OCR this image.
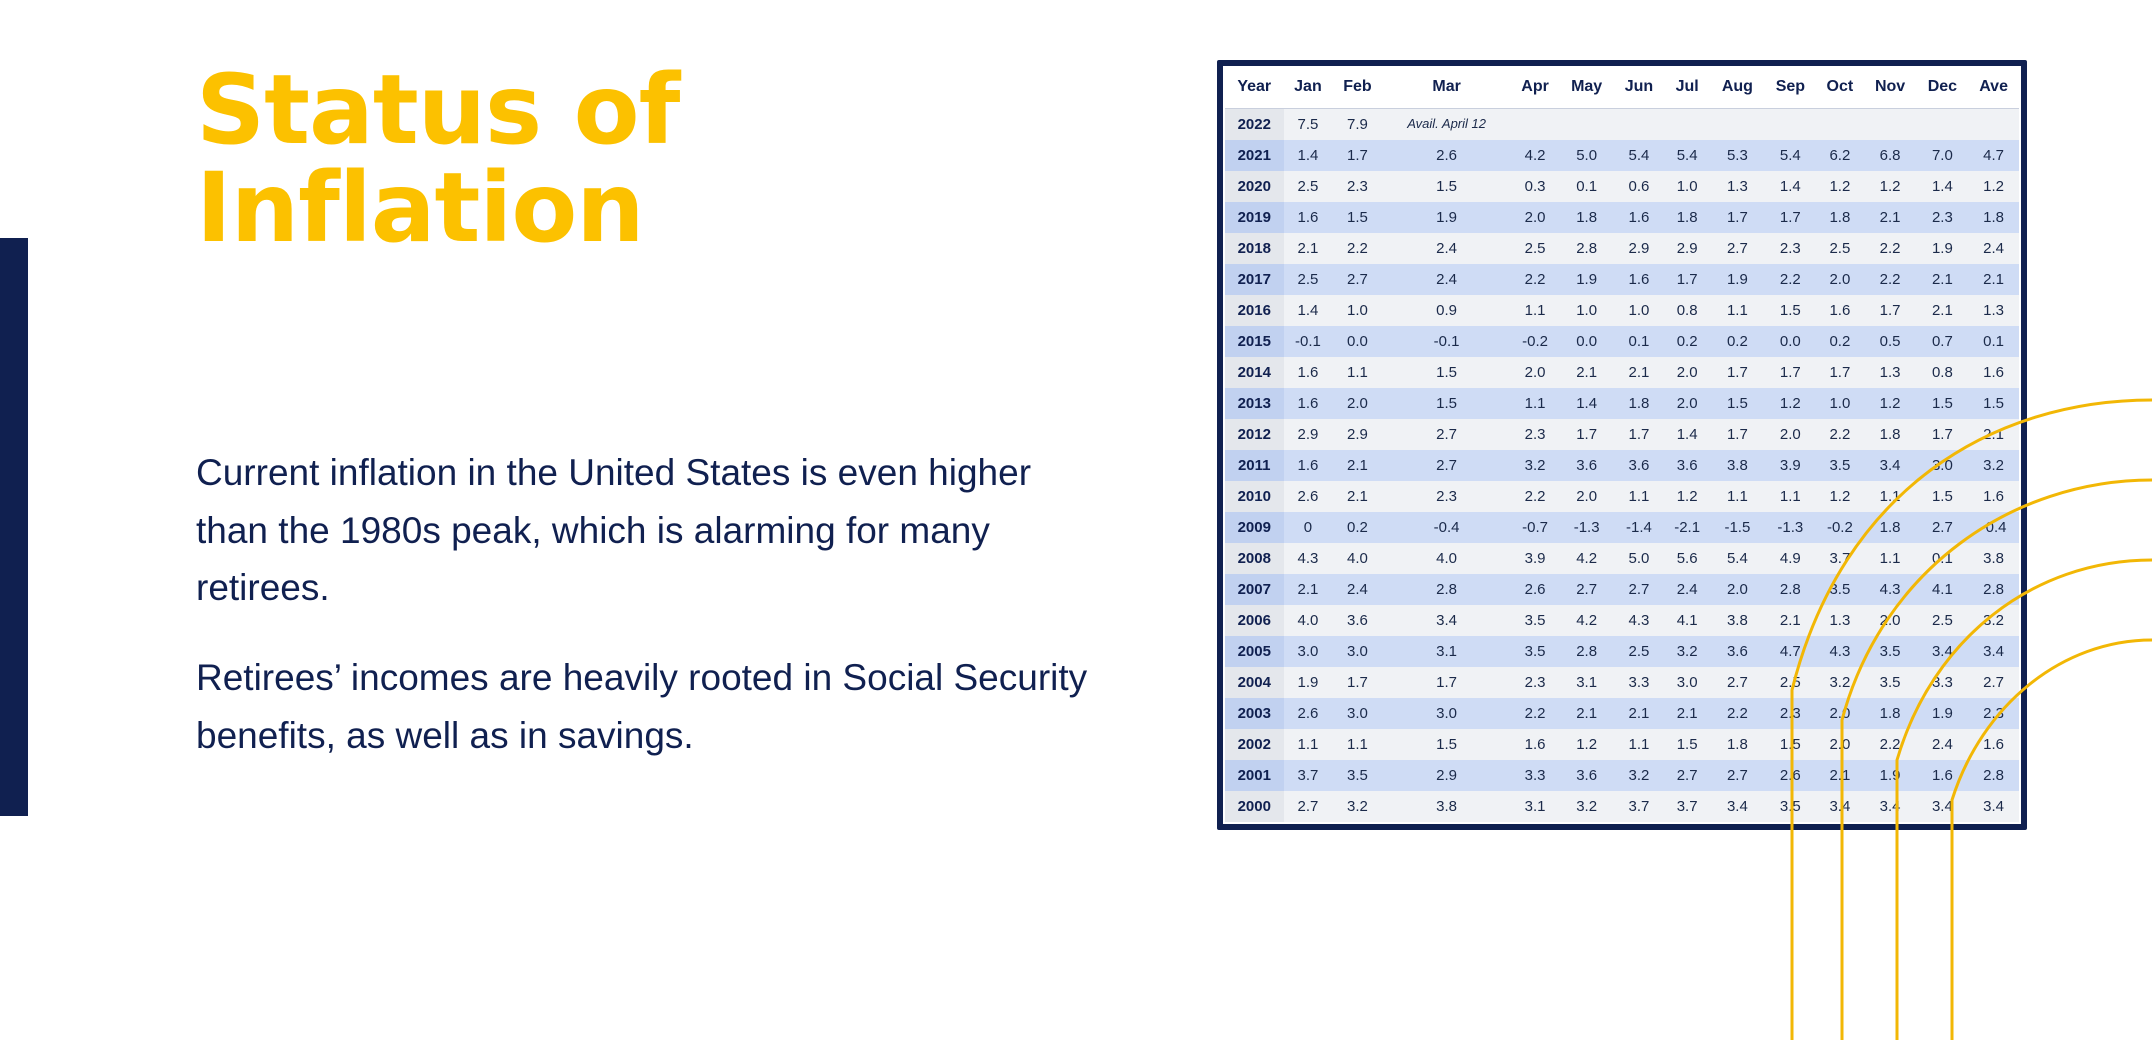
Status of Inflation

Current inflation in the United States is even higher than the 1980s peak, which is alarming for many retirees.

Retirees’ incomes are heavily rooted in Social Security benefits, as well as in savings.

Year	Jan	Feb	Mar	Apr	May	Jun	Jul	Aug	Sep	Oct	Nov	Dec	Ave
2022	7.5	7.9	Avail. April 12										
2021	1.4	1.7	2.6	4.2	5.0	5.4	5.4	5.3	5.4	6.2	6.8	7.0	4.7
2020	2.5	2.3	1.5	0.3	0.1	0.6	1.0	1.3	1.4	1.2	1.2	1.4	1.2
2019	1.6	1.5	1.9	2.0	1.8	1.6	1.8	1.7	1.7	1.8	2.1	2.3	1.8
2018	2.1	2.2	2.4	2.5	2.8	2.9	2.9	2.7	2.3	2.5	2.2	1.9	2.4
2017	2.5	2.7	2.4	2.2	1.9	1.6	1.7	1.9	2.2	2.0	2.2	2.1	2.1
2016	1.4	1.0	0.9	1.1	1.0	1.0	0.8	1.1	1.5	1.6	1.7	2.1	1.3
2015	-0.1	0.0	-0.1	-0.2	0.0	0.1	0.2	0.2	0.0	0.2	0.5	0.7	0.1
2014	1.6	1.1	1.5	2.0	2.1	2.1	2.0	1.7	1.7	1.7	1.3	0.8	1.6
2013	1.6	2.0	1.5	1.1	1.4	1.8	2.0	1.5	1.2	1.0	1.2	1.5	1.5
2012	2.9	2.9	2.7	2.3	1.7	1.7	1.4	1.7	2.0	2.2	1.8	1.7	2.1
2011	1.6	2.1	2.7	3.2	3.6	3.6	3.6	3.8	3.9	3.5	3.4	3.0	3.2
2010	2.6	2.1	2.3	2.2	2.0	1.1	1.2	1.1	1.1	1.2	1.1	1.5	1.6
2009	0	0.2	-0.4	-0.7	-1.3	-1.4	-2.1	-1.5	-1.3	-0.2	1.8	2.7	-0.4
2008	4.3	4.0	4.0	3.9	4.2	5.0	5.6	5.4	4.9	3.7	1.1	0.1	3.8
2007	2.1	2.4	2.8	2.6	2.7	2.7	2.4	2.0	2.8	3.5	4.3	4.1	2.8
2006	4.0	3.6	3.4	3.5	4.2	4.3	4.1	3.8	2.1	1.3	2.0	2.5	3.2
2005	3.0	3.0	3.1	3.5	2.8	2.5	3.2	3.6	4.7	4.3	3.5	3.4	3.4
2004	1.9	1.7	1.7	2.3	3.1	3.3	3.0	2.7	2.5	3.2	3.5	3.3	2.7
2003	2.6	3.0	3.0	2.2	2.1	2.1	2.1	2.2	2.3	2.0	1.8	1.9	2.3
2002	1.1	1.1	1.5	1.6	1.2	1.1	1.5	1.8	1.5	2.0	2.2	2.4	1.6
2001	3.7	3.5	2.9	3.3	3.6	3.2	2.7	2.7	2.6	2.1	1.9	1.6	2.8
2000	2.7	3.2	3.8	3.1	3.2	3.7	3.7	3.4	3.5	3.4	3.4	3.4	3.4
